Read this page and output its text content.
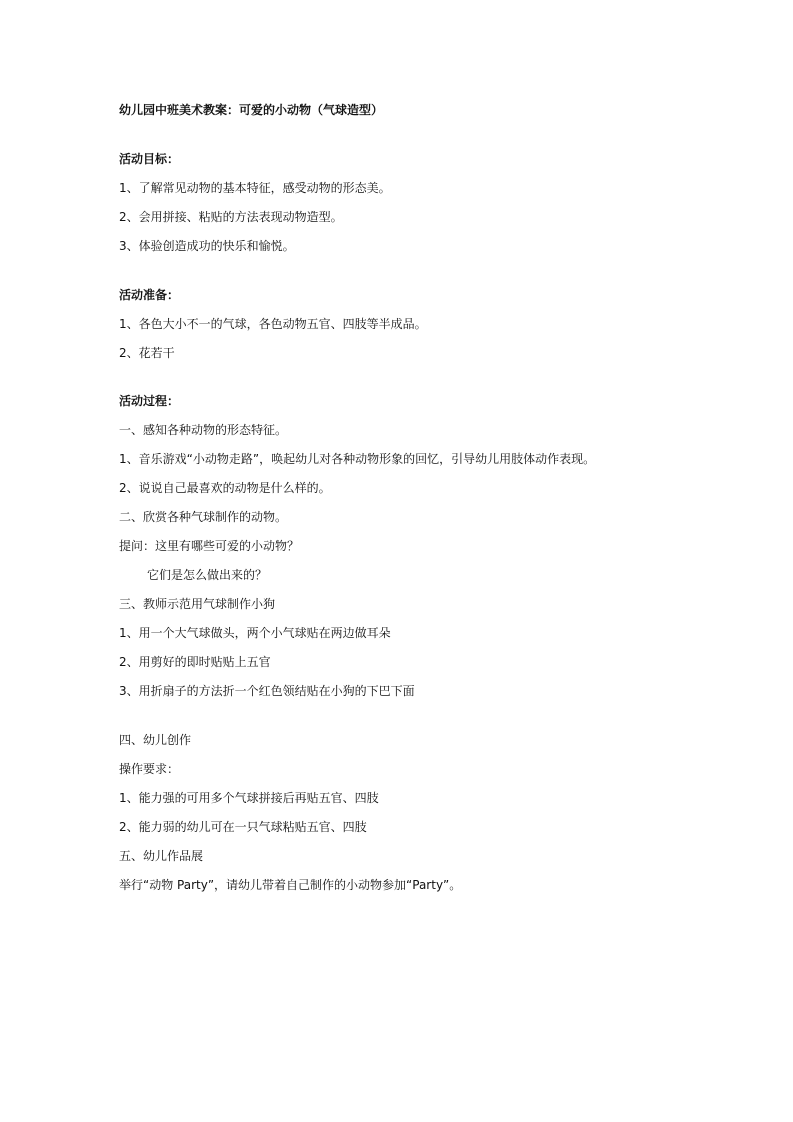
幼儿园中班美术教案：可爱的小动物（气球造型）
活动目标：
1、了解常见动物的基本特征，感受动物的形态美。
2、会用拼接、粘贴的方法表现动物造型。
3、体验创造成功的快乐和愉悦。
活动准备：
1、各色大小不一的气球，各色动物五官、四肢等半成品。
2、花若干
活动过程：
一、感知各种动物的形态特征。
1、音乐游戏“小动物走路”，唤起幼儿对各种动物形象的回忆，引导幼儿用肢体动作表现。
2、说说自己最喜欢的动物是什么样的。
二、欣赏各种气球制作的动物。
提问：这里有哪些可爱的小动物？
它们是怎么做出来的？
三、教师示范用气球制作小狗
1、用一个大气球做头，两个小气球贴在两边做耳朵
2、用剪好的即时贴贴上五官
3、用折扇子的方法折一个红色领结贴在小狗的下巴下面
四、幼儿创作
操作要求：
1、能力强的可用多个气球拼接后再贴五官、四肢
2、能力弱的幼儿可在一只气球粘贴五官、四肢
五、幼儿作品展
举行“动物 Party”，请幼儿带着自己制作的小动物参加“Party”。
